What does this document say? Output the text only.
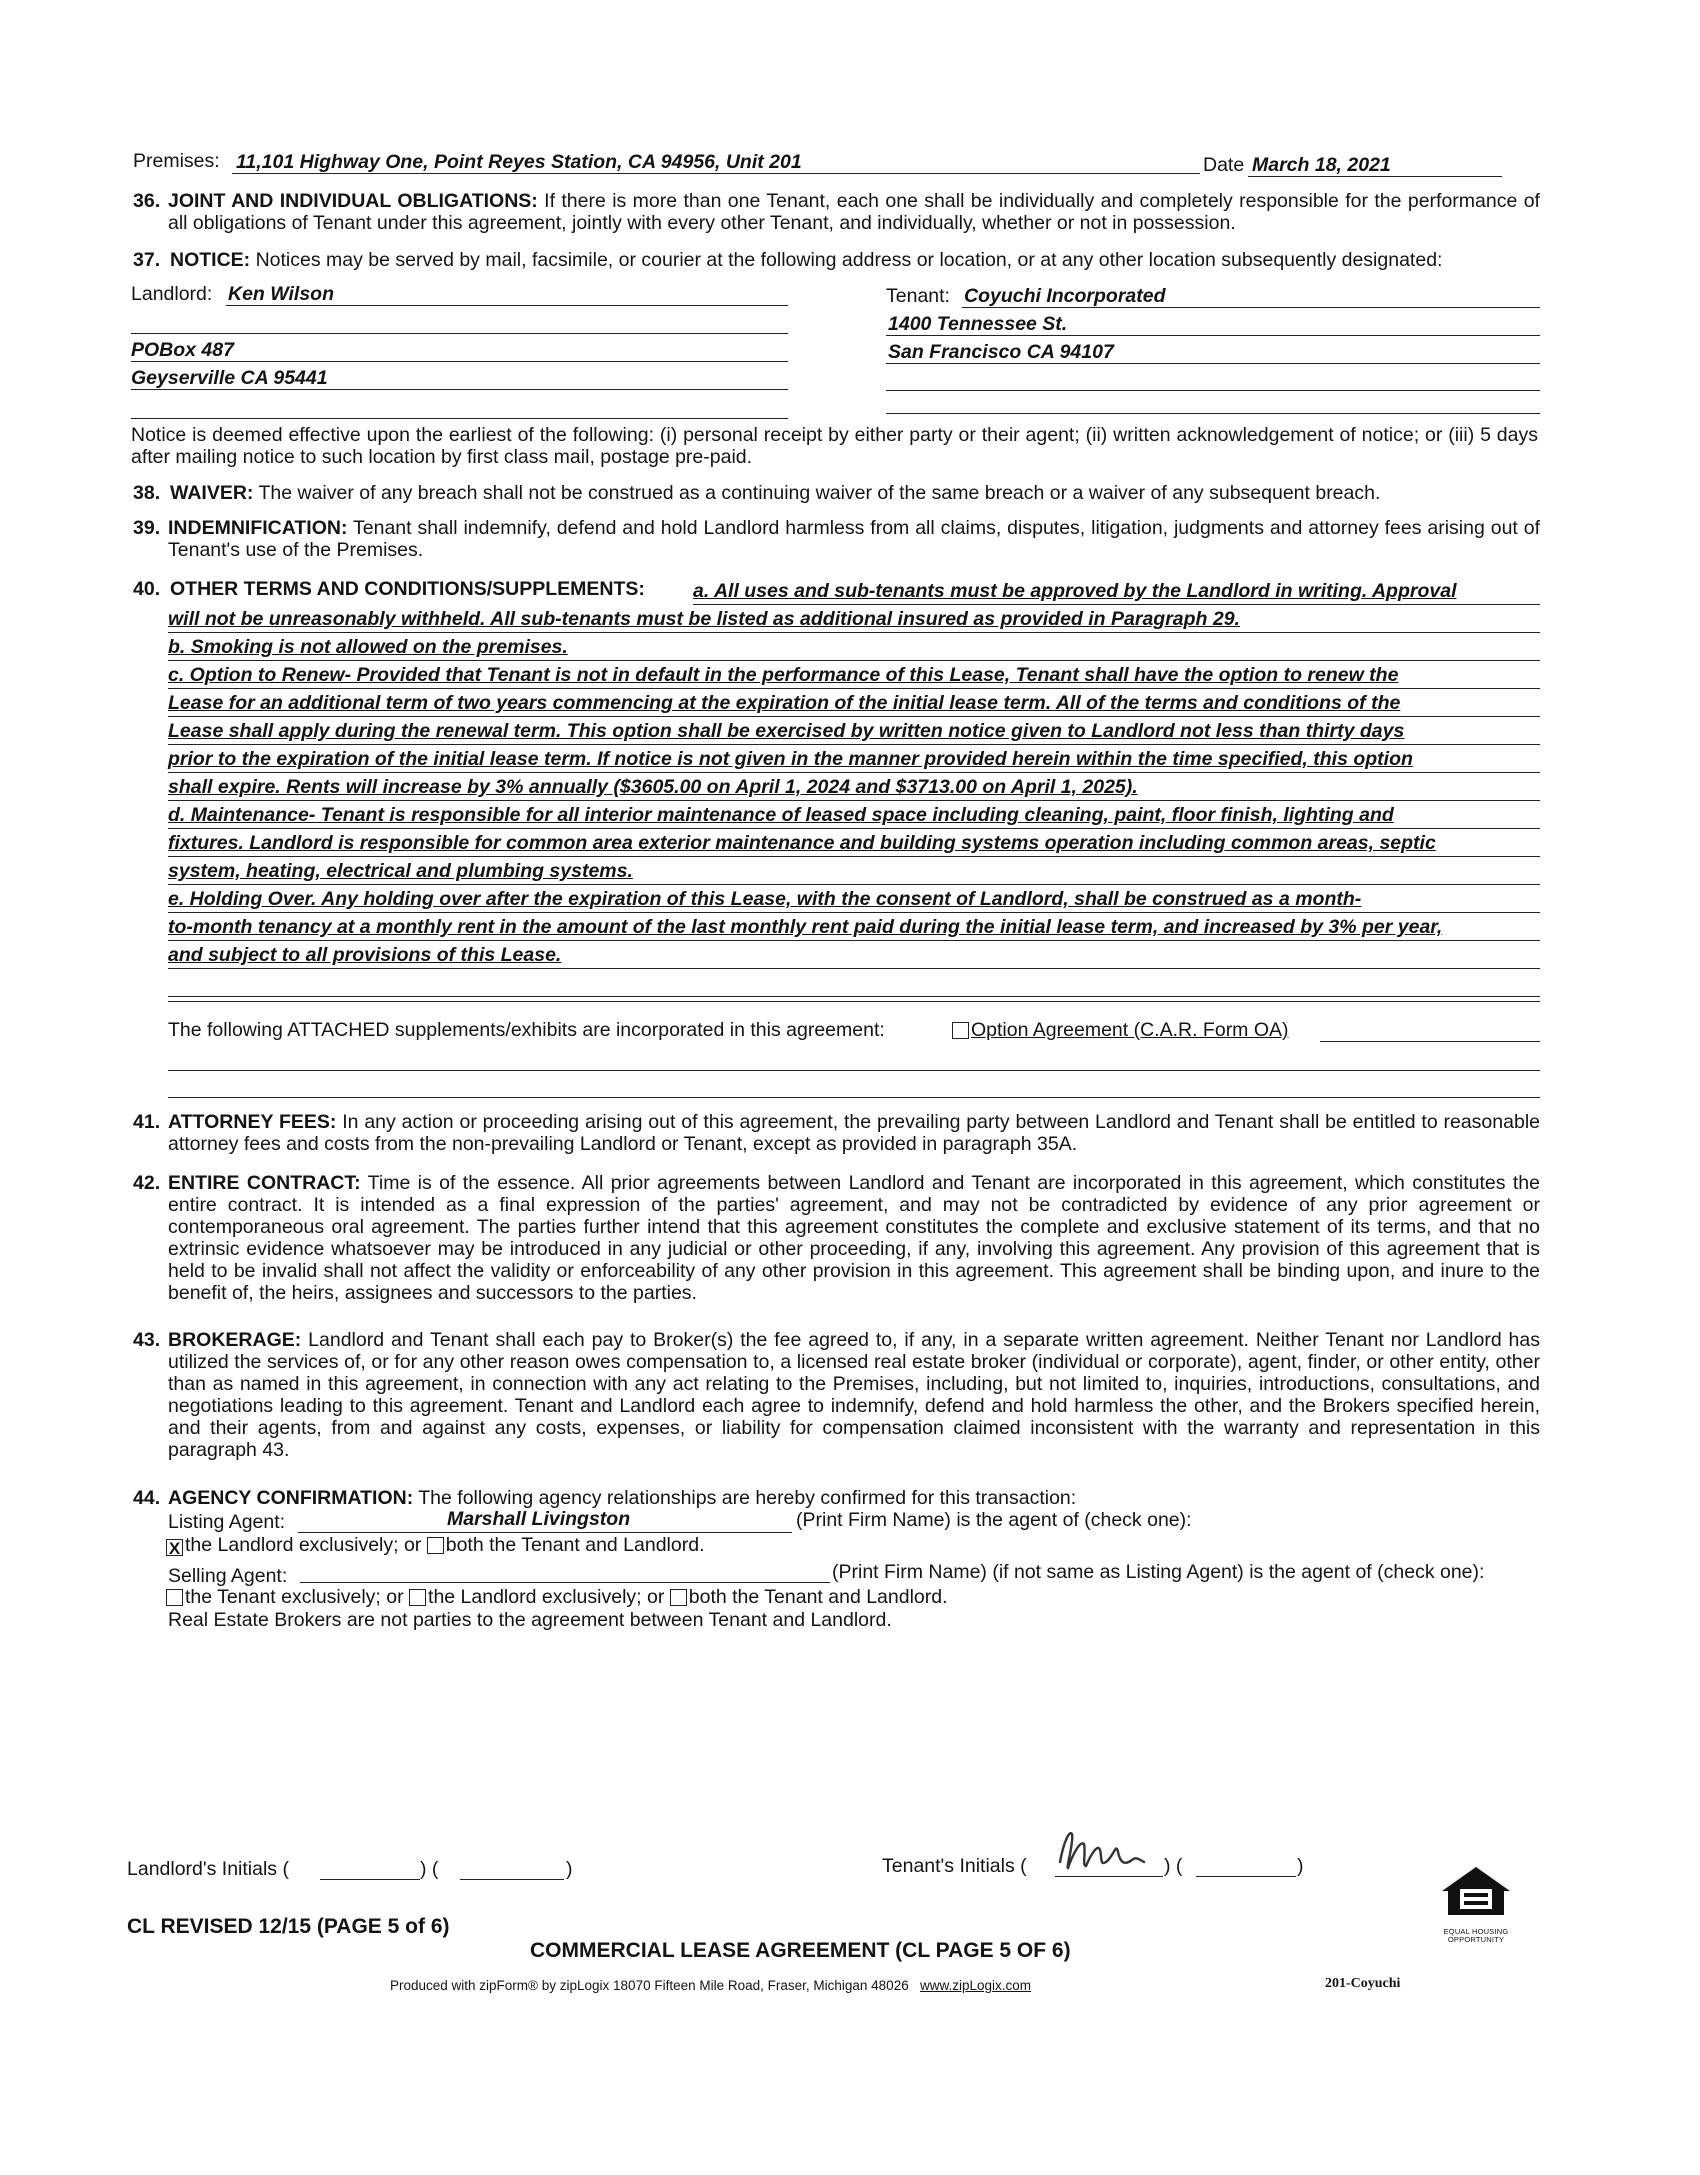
Premises: 11,101 Highway One, Point Reyes Station, CA 94956, Unit 201	Date March 18, 2021
36. JOINT AND INDIVIDUAL OBLIGATIONS: If there is more than one Tenant, each one shall be individually and completely responsible for the performance of all obligations of Tenant under this agreement, jointly with every other Tenant, and individually, whether or not in possession.
37. NOTICE: Notices may be served by mail, facsimile, or courier at the following address or location, or at any other location subsequently designated:
Landlord: Ken Wilson
POBox 487
Geyserville CA 95441
Tenant: Coyuchi Incorporated
1400 Tennessee St.
San Francisco CA 94107
Notice is deemed effective upon the earliest of the following: (i) personal receipt by either party or their agent; (ii) written acknowledgement of notice; or (iii) 5 days after mailing notice to such location by first class mail, postage pre-paid.
38. WAIVER: The waiver of any breach shall not be construed as a continuing waiver of the same breach or a waiver of any subsequent breach.
39. INDEMNIFICATION: Tenant shall indemnify, defend and hold Landlord harmless from all claims, disputes, litigation, judgments and attorney fees arising out of Tenant's use of the Premises.
40. OTHER TERMS AND CONDITIONS/SUPPLEMENTS: a. All uses and sub-tenants must be approved by the Landlord in writing. Approval
will not be unreasonably withheld. All sub-tenants must be listed as additional insured as provided in Paragraph 29.
b. Smoking is not allowed on the premises.
c. Option to Renew- Provided that Tenant is not in default in the performance of this Lease, Tenant shall have the option to renew the
Lease for an additional term of two years commencing at the expiration of the initial lease term. All of the terms and conditions of the
Lease shall apply during the renewal term. This option shall be exercised by written notice given to Landlord not less than thirty days
prior to the expiration of the initial lease term. If notice is not given in the manner provided herein within the time specified, this option
shall expire. Rents will increase by 3% annually ($3605.00 on April 1, 2024 and $3713.00 on April 1, 2025).
d. Maintenance- Tenant is responsible for all interior maintenance of leased space including cleaning, paint, floor finish, lighting and
fixtures. Landlord is responsible for common area exterior maintenance and building systems operation including common areas, septic
system, heating, electrical and plumbing systems.
e. Holding Over. Any holding over after the expiration of this Lease, with the consent of Landlord, shall be construed as a month-
to-month tenancy at a monthly rent in the amount of the last monthly rent paid during the initial lease term, and increased by 3% per year,
and subject to all provisions of this Lease.
The following ATTACHED supplements/exhibits are incorporated in this agreement:	Option Agreement (C.A.R. Form OA)
41. ATTORNEY FEES: In any action or proceeding arising out of this agreement, the prevailing party between Landlord and Tenant shall be entitled to reasonable attorney fees and costs from the non-prevailing Landlord or Tenant, except as provided in paragraph 35A.
42. ENTIRE CONTRACT: Time is of the essence. All prior agreements between Landlord and Tenant are incorporated in this agreement, which constitutes the entire contract. It is intended as a final expression of the parties' agreement, and may not be contradicted by evidence of any prior agreement or contemporaneous oral agreement. The parties further intend that this agreement constitutes the complete and exclusive statement of its terms, and that no extrinsic evidence whatsoever may be introduced in any judicial or other proceeding, if any, involving this agreement. Any provision of this agreement that is held to be invalid shall not affect the validity or enforceability of any other provision in this agreement. This agreement shall be binding upon, and inure to the benefit of, the heirs, assignees and successors to the parties.
43. BROKERAGE: Landlord and Tenant shall each pay to Broker(s) the fee agreed to, if any, in a separate written agreement. Neither Tenant nor Landlord has utilized the services of, or for any other reason owes compensation to, a licensed real estate broker (individual or corporate), agent, finder, or other entity, other than as named in this agreement, in connection with any act relating to the Premises, including, but not limited to, inquiries, introductions, consultations, and negotiations leading to this agreement. Tenant and Landlord each agree to indemnify, defend and hold harmless the other, and the Brokers specified herein, and their agents, from and against any costs, expenses, or liability for compensation claimed inconsistent with the warranty and representation in this paragraph 43.
44. AGENCY CONFIRMATION: The following agency relationships are hereby confirmed for this transaction:
Listing Agent:	Marshall Livingston	(Print Firm Name) is the agent of (check one):
X the Landlord exclusively; or both the Tenant and Landlord.
Selling Agent:	(Print Firm Name) (if not same as Listing Agent) is the agent of (check one):
the Tenant exclusively; or the Landlord exclusively; or both the Tenant and Landlord.
Real Estate Brokers are not parties to the agreement between Tenant and Landlord.
Landlord's Initials (	) (	)	Tenant's Initials (	) (	)
EQUAL HOUSING
OPPORTUNITY
CL REVISED 12/15 (PAGE 5 of 6)
COMMERCIAL LEASE AGREEMENT (CL PAGE 5 OF 6)
Produced with zipForm® by zipLogix 18070 Fifteen Mile Road, Fraser, Michigan 48026 www.zipLogix.com	201-Coyuchi
